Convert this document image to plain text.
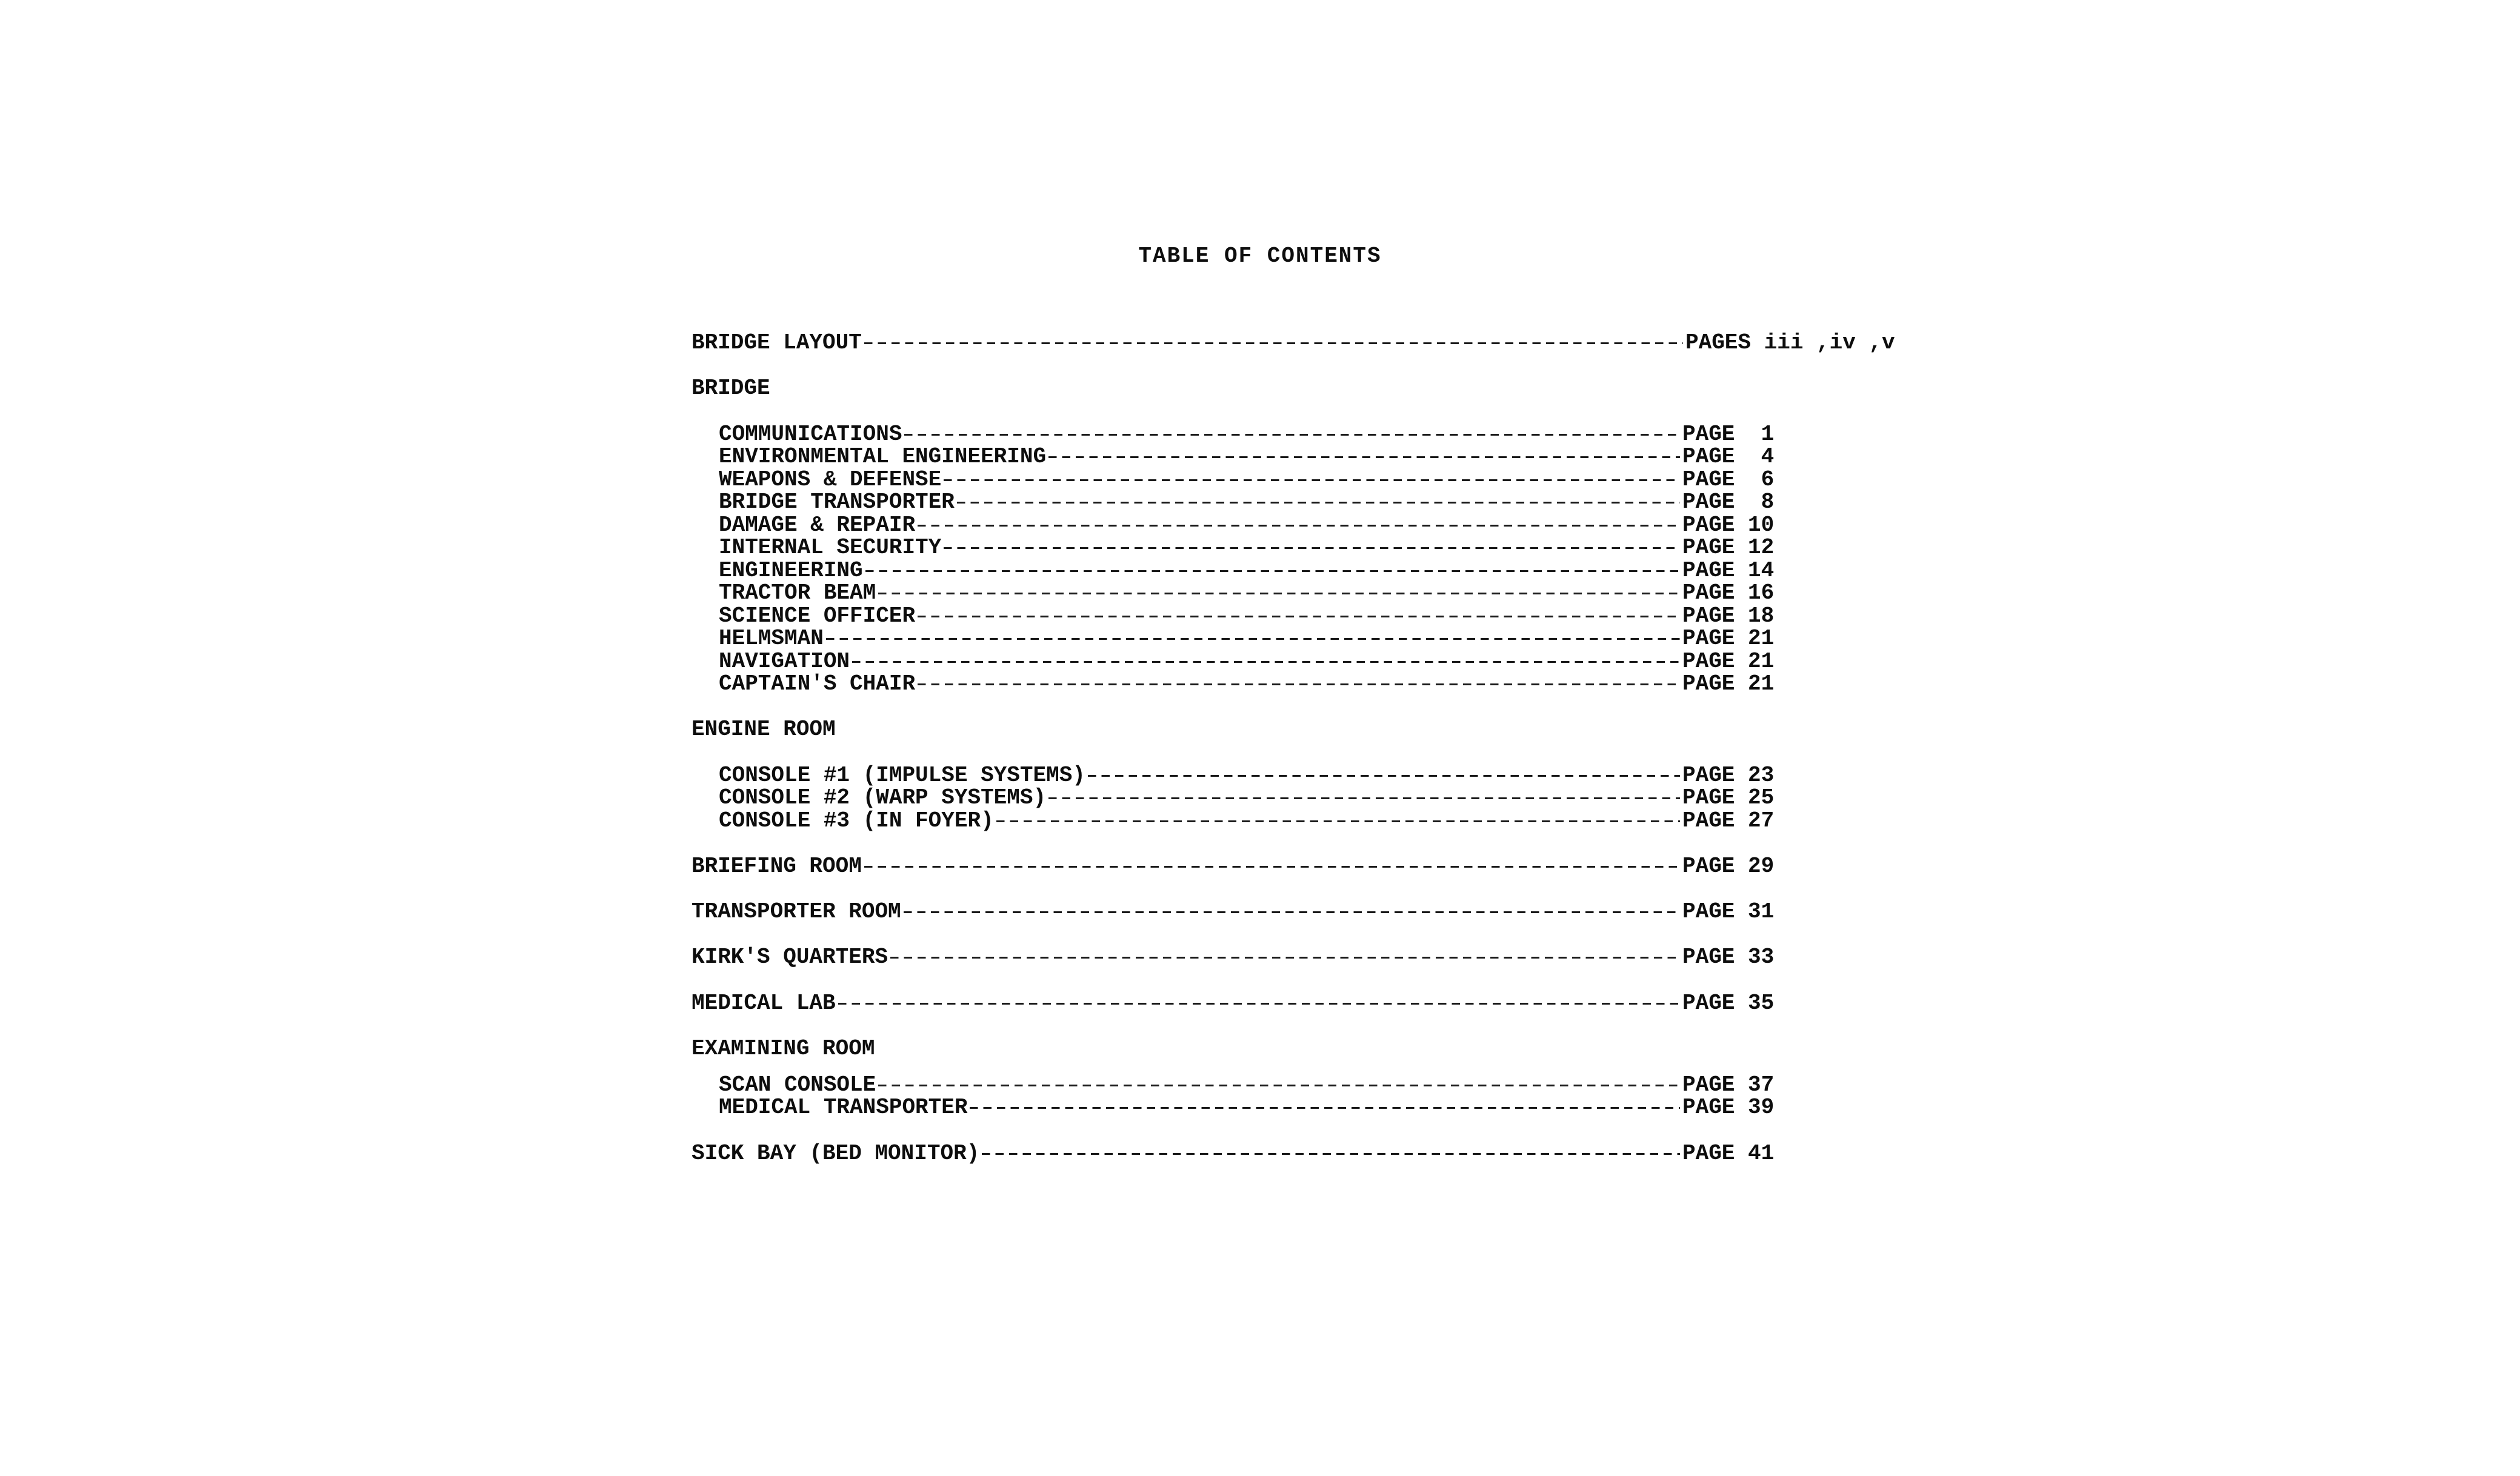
TABLE OF CONTENTS
BRIDGE LAYOUT	PAGES iii ,iv ,v
BRIDGE
COMMUNICATIONS	PAGE  1
ENVIRONMENTAL ENGINEERING	PAGE  4
WEAPONS & DEFENSE	PAGE  6
BRIDGE TRANSPORTER	PAGE  8
DAMAGE & REPAIR	PAGE 10
INTERNAL SECURITY	PAGE 12
ENGINEERING	PAGE 14
TRACTOR BEAM	PAGE 16
SCIENCE OFFICER	PAGE 18
HELMSMAN	PAGE 21
NAVIGATION	PAGE 21
CAPTAIN'S CHAIR	PAGE 21
ENGINE ROOM
CONSOLE #1 (IMPULSE SYSTEMS)	PAGE 23
CONSOLE #2 (WARP SYSTEMS)	PAGE 25
CONSOLE #3 (IN FOYER)	PAGE 27
BRIEFING ROOM	PAGE 29
TRANSPORTER ROOM	PAGE 31
KIRK'S QUARTERS	PAGE 33
MEDICAL LAB	PAGE 35
EXAMINING ROOM
SCAN CONSOLE	PAGE 37
MEDICAL TRANSPORTER	PAGE 39
SICK BAY (BED MONITOR)	PAGE 41
